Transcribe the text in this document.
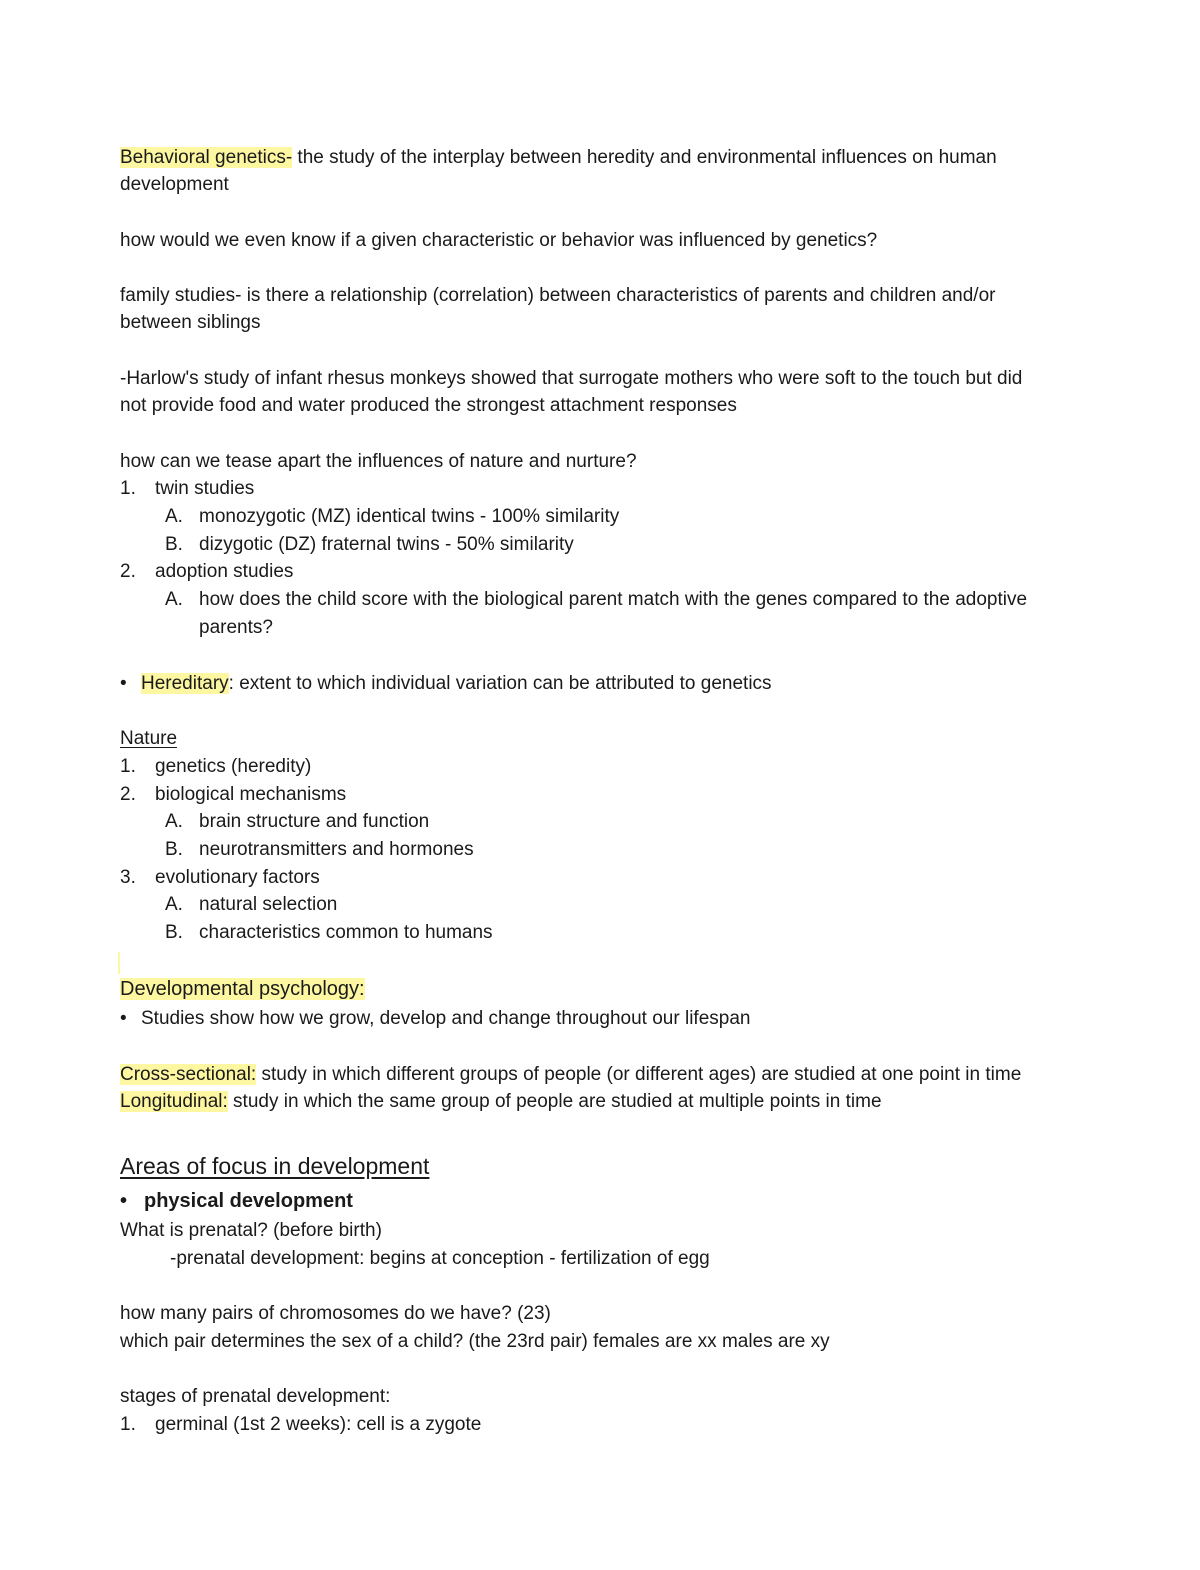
Behavioral genetics- the study of the interplay between heredity and environmental influences on human
development
how would we even know if a given characteristic or behavior was influenced by genetics?
family studies- is there a relationship (correlation) between characteristics of parents and children and/or
between siblings
-Harlow's study of infant rhesus monkeys showed that surrogate mothers who were soft to the touch but did
not provide food and water produced the strongest attachment responses
how can we tease apart the influences of nature and nurture?
1. twin studies
A. monozygotic (MZ) identical twins - 100% similarity
B. dizygotic (DZ) fraternal twins - 50% similarity
2. adoption studies
A. how does the child score with the biological parent match with the genes compared to the adoptive
parents?
• Hereditary: extent to which individual variation can be attributed to genetics
Nature
1. genetics (heredity)
2. biological mechanisms
A. brain structure and function
B. neurotransmitters and hormones
3. evolutionary factors
A. natural selection
B. characteristics common to humans
Developmental psychology:
• Studies show how we grow, develop and change throughout our lifespan
Cross-sectional: study in which different groups of people (or different ages) are studied at one point in time
Longitudinal: study in which the same group of people are studied at multiple points in time
Areas of focus in development
• physical development
What is prenatal? (before birth)
-prenatal development: begins at conception - fertilization of egg
how many pairs of chromosomes do we have? (23)
which pair determines the sex of a child? (the 23rd pair) females are xx males are xy
stages of prenatal development:
1. germinal (1st 2 weeks): cell is a zygote
